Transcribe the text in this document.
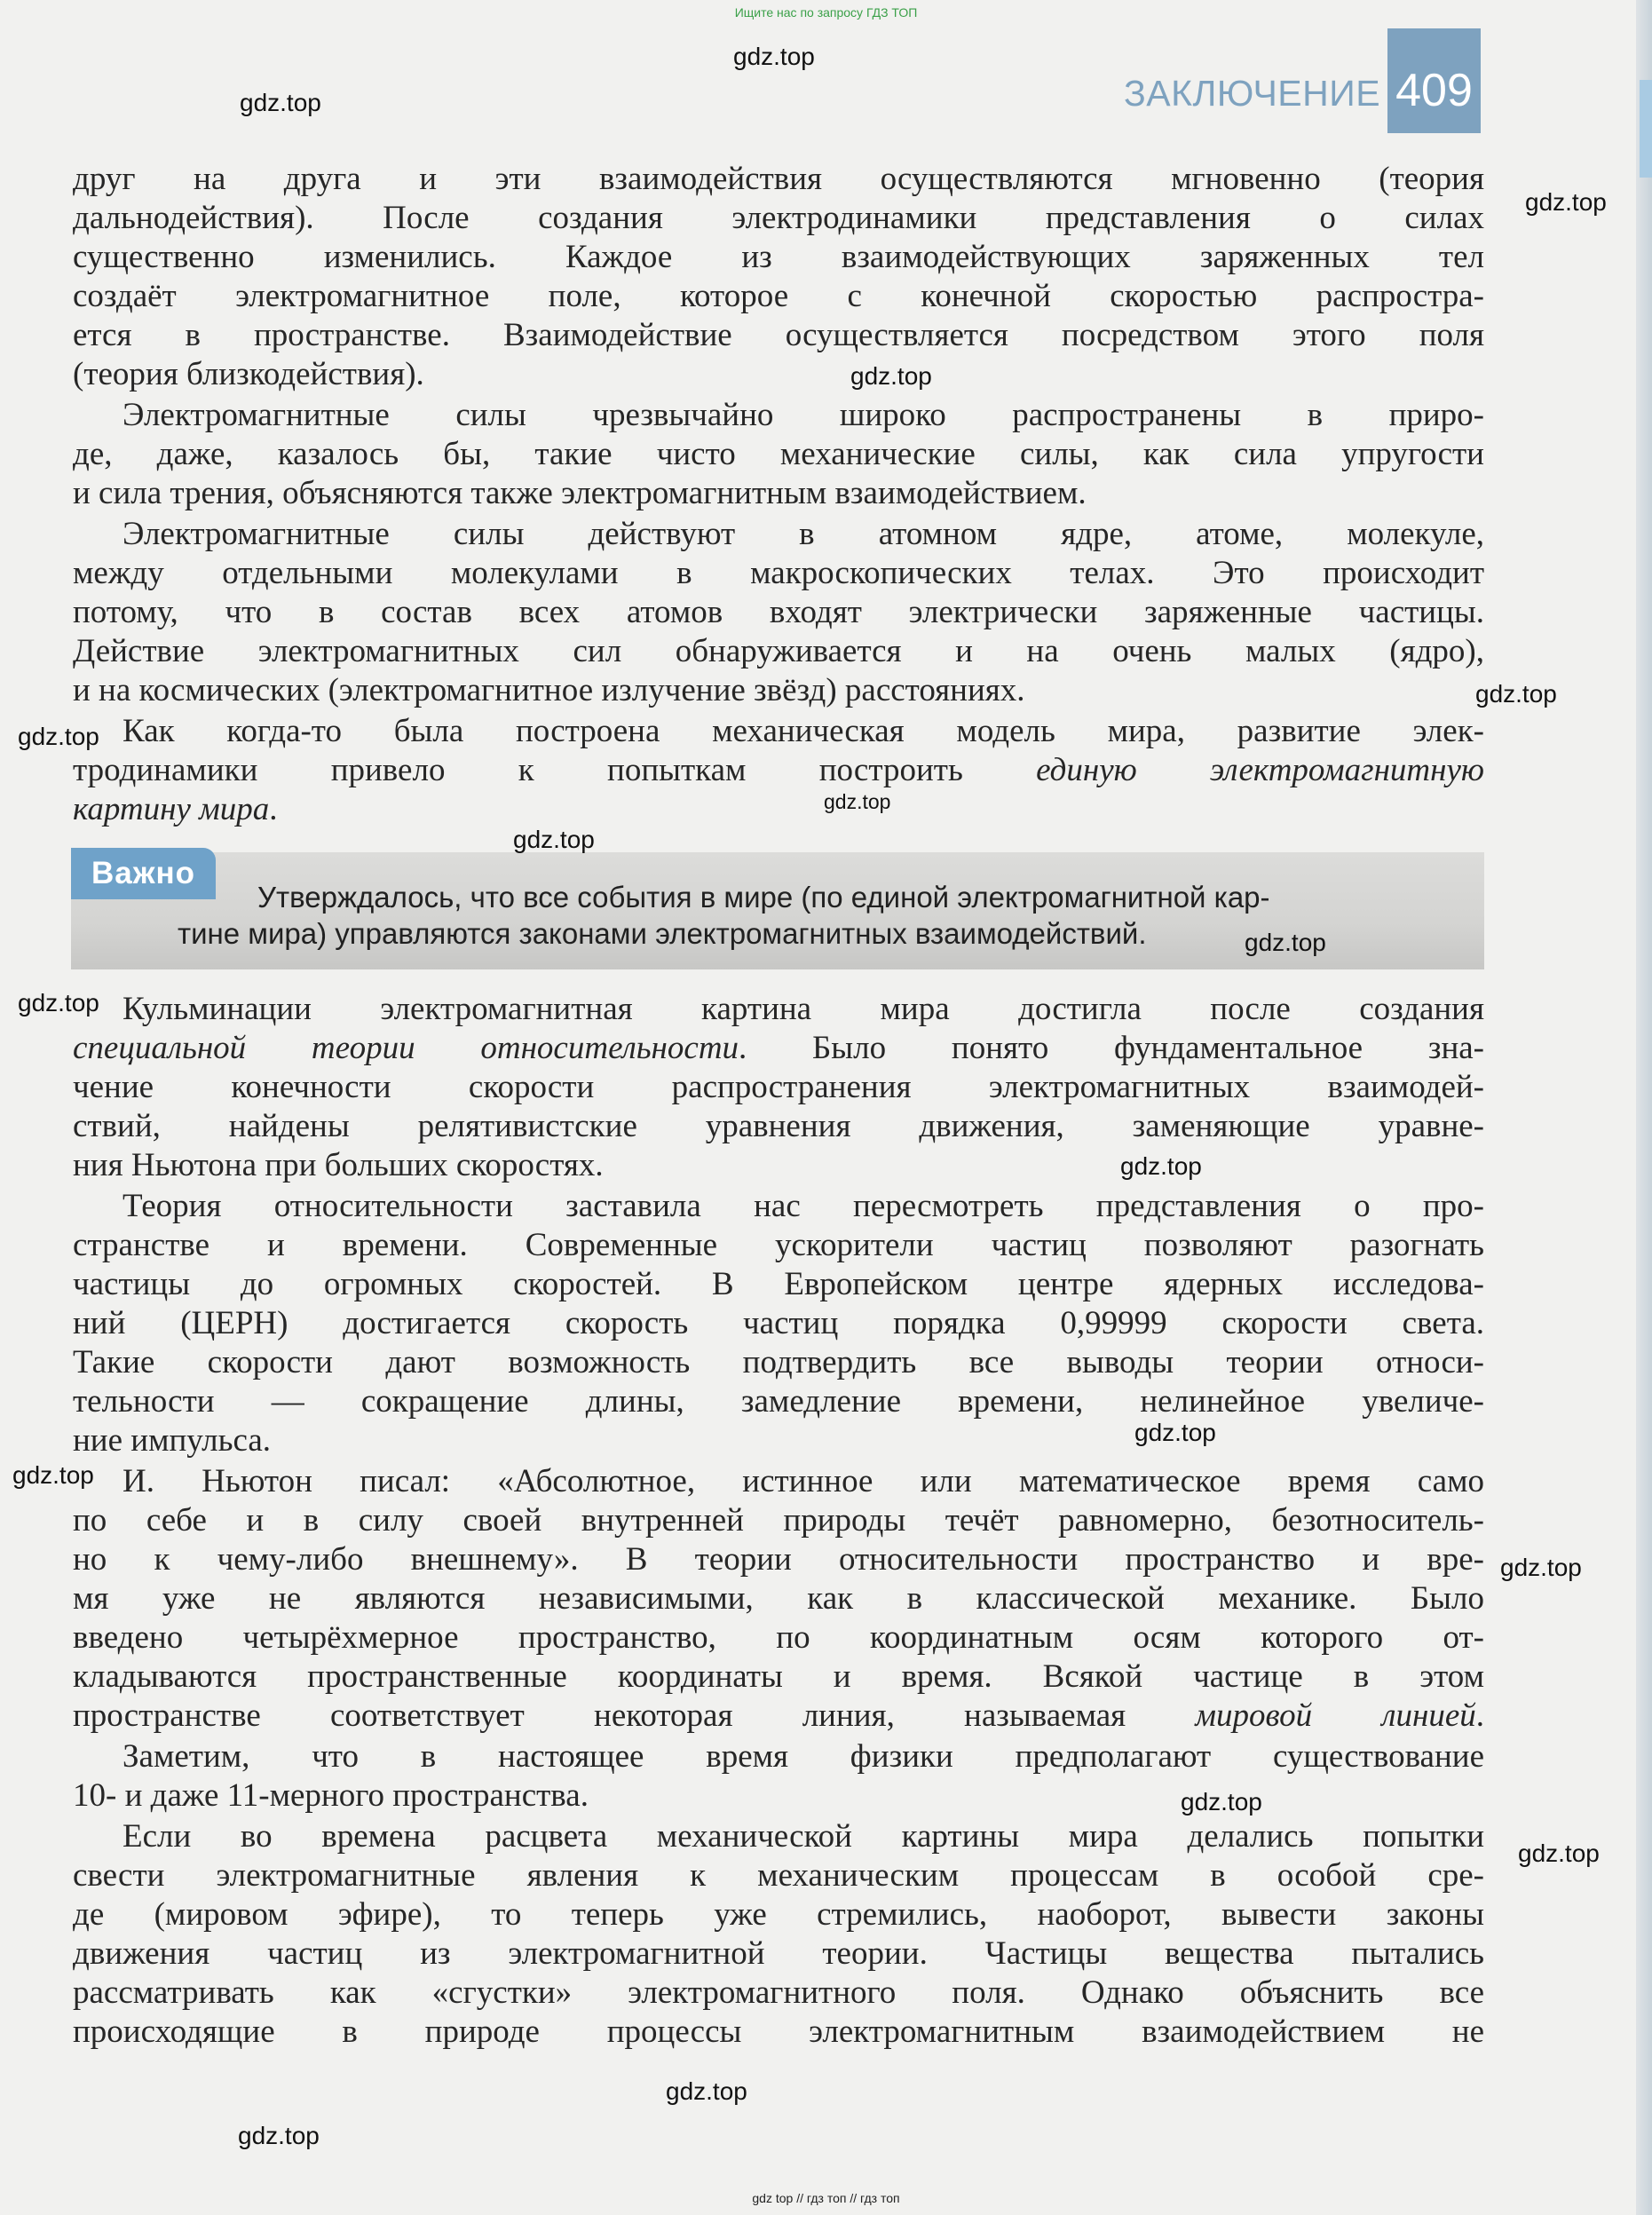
Ищите нас по запросу ГДЗ ТОП
ЗАКЛЮЧЕНИЕ 409
друг на друга и эти взаимодействия осуществляются мгновенно (теория
дальнодействия). После создания электродинамики представления о силах
существенно изменились. Каждое из взаимодействующих заряженных тел
создаёт электромагнитное поле, которое с конечной скоростью распростра-
ется в пространстве. Взаимодействие осуществляется посредством этого поля
(теория близкодействия).
Электромагнитные силы чрезвычайно широко распространены в приро-
де, даже, казалось бы, такие чисто механические силы, как сила упругости
и сила трения, объясняются также электромагнитным взаимодействием.
Электромагнитные силы действуют в атомном ядре, атоме, молекуле,
между отдельными молекулами в макроскопических телах. Это происходит
потому, что в состав всех атомов входят электрически заряженные частицы.
Действие электромагнитных сил обнаруживается и на очень малых (ядро),
и на космических (электромагнитное излучение звёзд) расстояниях.
Как когда-то была построена механическая модель мира, развитие элек-
тродинамики привело к попыткам построить единую электромагнитную
картину мира.
Важно
Утверждалось, что все события в мире (по единой электромагнитной кар-
тине мира) управляются законами электромагнитных взаимодействий.
Кульминации электромагнитная картина мира достигла после создания
специальной теории относительности. Было понято фундаментальное зна-
чение конечности скорости распространения электромагнитных взаимодей-
ствий, найдены релятивистские уравнения движения, заменяющие уравне-
ния Ньютона при больших скоростях.
Теория относительности заставила нас пересмотреть представления о про-
странстве и времени. Современные ускорители частиц позволяют разогнать
частицы до огромных скоростей. В Европейском центре ядерных исследова-
ний (ЦЕРН) достигается скорость частиц порядка 0,99999 скорости света.
Такие скорости дают возможность подтвердить все выводы теории относи-
тельности — сокращение длины, замедление времени, нелинейное увеличе-
ние импульса.
И. Ньютон писал: «Абсолютное, истинное или математическое время само
по себе и в силу своей внутренней природы течёт равномерно, безотноситель-
но к чему-либо внешнему». В теории относительности пространство и вре-
мя уже не являются независимыми, как в классической механике. Было
введено четырёхмерное пространство, по координатным осям которого от-
кладываются пространственные координаты и время. Всякой частице в этом
пространстве соответствует некоторая линия, называемая мировой линией.
Заметим, что в настоящее время физики предполагают существование
10- и даже 11-мерного пространства.
Если во времена расцвета механической картины мира делались попытки
свести электромагнитные явления к механическим процессам в особой сре-
де (мировом эфире), то теперь уже стремились, наоборот, вывести законы
движения частиц из электромагнитной теории. Частицы вещества пытались
рассматривать как «сгустки» электромагнитного поля. Однако объяснить все
происходящие в природе процессы электромагнитным взаимодействием не
gdz.top
gdz.top
gdz.top
gdz.top
gdz.top
gdz.top
gdz.top
gdz.top
gdz.top
gdz.top
gdz.top
gdz.top
gdz.top
gdz.top
gdz.top
gdz.top
gdz.top
gdz.top
gdz top // гдз топ // гдз топ
